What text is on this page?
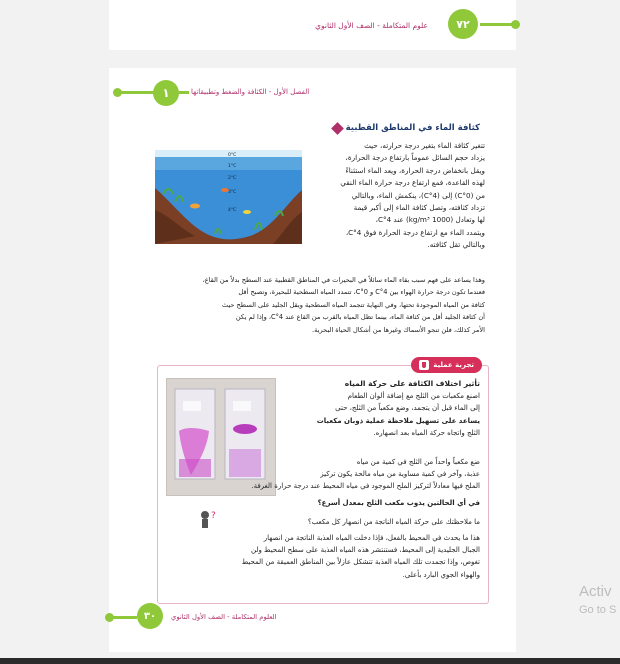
علوم المتكاملة - الصف الأول الثانوي	٧٢
١	الفصل الأول - الكثافة والضغط وتطبيقاتها
كثافة الماء في المناطق القطبية
0°C
1°C
2°C
3°C
4°C
تتغير كثافة الماء بتغير درجة حرارته، حيث
يزداد حجم السائل عموماً بارتفاع درجة الحرارة،
ويقل بانخفاض درجة الحرارة، ويعد الماء استثناءً
لهذه القاعدة، فمع ارتفاع درجة حرارة الماء النقي
من (0°C) إلى (4°C)، ينكمش الماء، وبالتالي
تزداد كثافته، وتصل كثافة الماء إلى أكبر قيمة
لها وتعادل (1000 kg/m³) عند 4°C،
ويتمدد الماء مع ارتفاع درجة الحرارة فوق 4°C،
وبالتالي تقل كثافته.
وهذا يساعد على فهم سبب بقاء الماء سائلاً في البحيرات في المناطق القطبية عند السطح بدلاً من القاع،
فعندما تكون درجة حرارة الهواء بين 4°C و 0°C، تتمدد المياه السطحية للبحيرة، وتصبح أقل
كثافة من المياه الموجودة تحتها، وفي النهاية تتجمد المياه السطحية ويقل الجليد على السطح حيث
أن كثافة الجليد أقل من كثافة الماء، بينما تظل المياه بالقرب من القاع عند 4°C، وإذا لم يكن
الأمر كذلك، فلن تنجو الأسماك وغيرها من أشكال الحياة البحرية.
تجربة عملية
تأثير اختلاف الكثافة على حركة المياه
اصنع مكعبات من الثلج مع إضافة ألوان الطعام
إلى الماء قبل أن يتجمد، وضع مكعباً من الثلج، حتى
يساعد على تسهيل ملاحظة عملية ذوبان مكعبات
الثلج واتجاه حركة المياه بعد انصهاره.
ضع مكعباً واحداً من الثلج في كمية من مياه
عذبة، وآخر في كمية مساوية من مياه مالحة يكون تركيز
الملح فيها معادلاً لتركيز الملح الموجود في مياه المحيط عند درجة حرارة الغرفة.
في أي الحالتين يذوب مكعب الثلج بمعدل أسرع؟
?
ما ملاحظتك على حركة المياه الناتجة من انصهار كل مكعب؟
هذا ما يحدث في المحيط بالفعل، فإذا دخلت المياه العذبة الناتجة من انصهار
الجبال الجليدية إلى المحيط، فستنتشر هذه المياه العذبة على سطح المحيط ولن
تغوص، وإذا تجمدت تلك المياه العذبة تتشكل عازلاً بين المناطق العميقة من المحيط
والهواء الجوي البارد بأعلى.
٣٠	العلوم المتكاملة - الصف الأول الثانوي
Activ
Go to S
